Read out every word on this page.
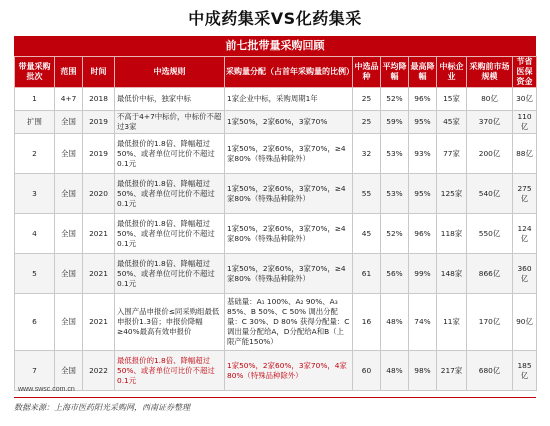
中成药集采VS化药集采
前七批带量采购回顾
带量采购批次	范围	时间	中选规则	采购量分配（占首年采购量的比例）	中选品种	平均降幅	最高降幅	中标企业	采购前市场规模	节省医保资金
1	4+7	2018	最低价中标，独家中标	1家企业中标，采购周期1年	25	52%	96%	15家	80亿	30亿
扩围	全国	2019	不高于4+7中标价，中标价不超过3家	1家50%，2家60%，3家70%	25	59%	95%	45家	370亿	110亿
2	全国	2019	最低报价的1.8倍、降幅超过50%、或者单位可比价不超过0.1元	1家50%，2家60%，3家70%，≥4家80%（特殊品种除外）	32	53%	93%	77家	200亿	88亿
3	全国	2020	最低报价的1.8倍、降幅超过50%、或者单位可比价不超过0.1元	1家50%，2家60%，3家70%，≥4家80%（特殊品种除外）	55	53%	95%	125家	540亿	275亿
4	全国	2021	最低报价的1.8倍、降幅超过50%、或者单位可比价不超过0.1元	1家50%，2家60%，3家70%，≥4家80%（特殊品种除外）	45	52%	96%	118家	550亿	124亿
5	全国	2021	最低报价的1.8倍、降幅超过50%、或者单位可比价不超过0.1元	1家50%，2家60%，3家70%，≥4家80%（特殊品种除外）	61	56%	99%	148家	866亿	360亿
6	全国	2021	入围产品申报价≤同采购组最低申报价1.3倍；申报价降幅≥40%最高有效申报价	基础量：A₁ 100%、A₂ 90%、A₃ 85%、B 50%、C 50% 调出分配量：C 30%、D 80% 获得分配量：C调出量分配给A，D分配给A和B（上限产能150%）	16	48%	74%	11家	170亿	90亿
7	全国	2022	最低报价的1.8倍、降幅超过50%、或者单位可比价不超过0.1元	1家50%，2家60%，3家70%，4家80%（特殊品种除外）	60	48%	98%	217家	680亿	185亿
www.swsc.com.cn
数据来源：上海市医药阳光采购网，西南证券整理
